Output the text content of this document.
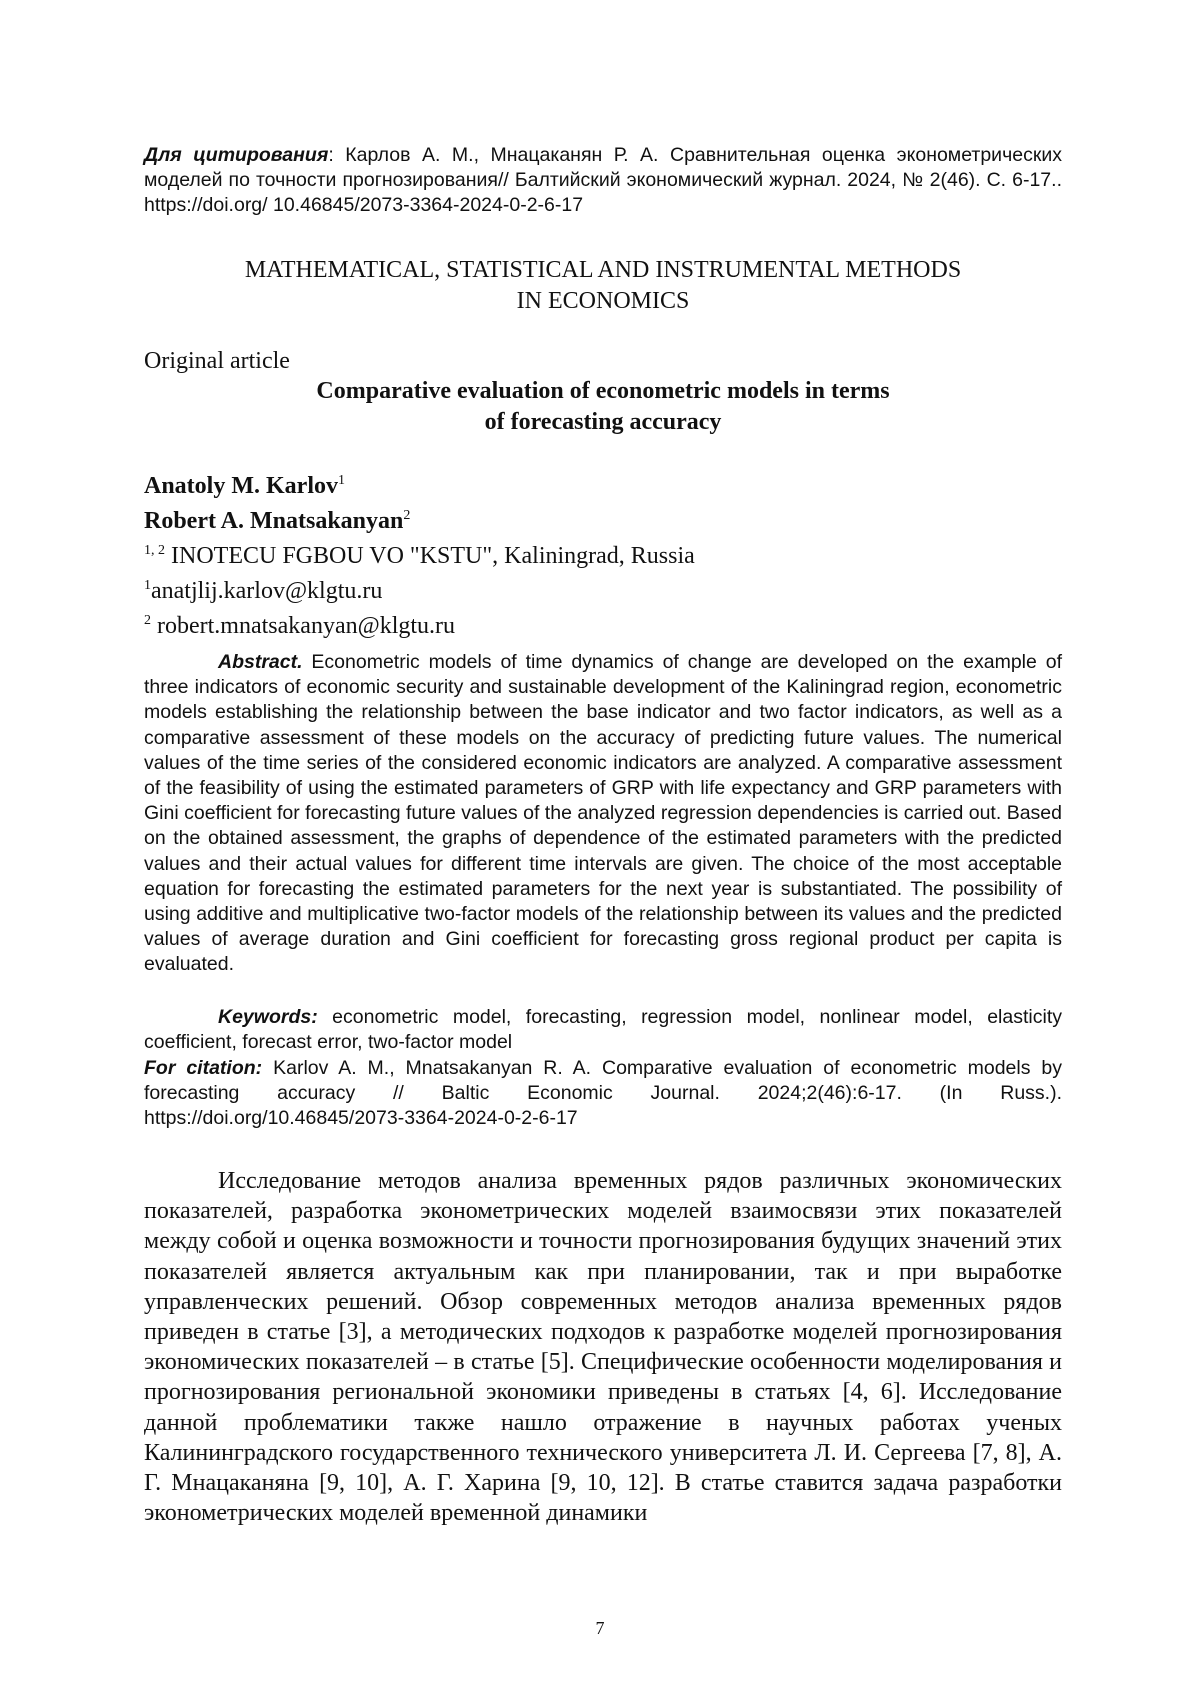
Для цитирования: Карлов А. М., Мнацаканян Р. А. Сравнительная оценка эконометрических моделей по точности прогнозирования// Балтийский экономический журнал. 2024, № 2(46). С. 6-17.. https://doi.org/ 10.46845/2073-3364-2024-0-2-6-17
MATHEMATICAL, STATISTICAL AND INSTRUMENTAL METHODS
IN ECONOMICS
Original article
Comparative evaluation of econometric models in terms
of forecasting accuracy
Anatoly M. Karlov$^1$
Robert A. Mnatsakanyan$^2$
$^{1, 2}$ INOTECU FGBOU VO "KSTU", Kaliningrad, Russia
$^1$anatjlij.karlov@klgtu.ru
$^2$ robert.mnatsakanyan@klgtu.ru
Abstract. Econometric models of time dynamics of change are developed on the example of three indicators of economic security and sustainable development of the Kaliningrad region, econometric models establishing the relationship between the base indicator and two factor indicators, as well as a comparative assessment of these models on the accuracy of predicting future values. The numerical values of the time series of the considered economic indicators are analyzed. A comparative assessment of the feasibility of using the estimated parameters of GRP with life expectancy and GRP parameters with Gini coefficient for forecasting future values of the analyzed regression dependencies is carried out. Based on the obtained assessment, the graphs of dependence of the estimated parameters with the predicted values and their actual values for different time intervals are given. The choice of the most acceptable equation for forecasting the estimated parameters for the next year is substantiated. The possibility of using additive and multiplicative two-factor models of the relationship between its values and the predicted values of average duration and Gini coefficient for forecasting gross regional product per capita is evaluated.
Keywords: econometric model, forecasting, regression model, nonlinear model, elasticity coefficient, forecast error, two-factor model
For citation: Karlov A. M., Mnatsakanyan R. A. Comparative evaluation of econometric models by forecasting accuracy // Baltic Economic Journal. 2024;2(46):6-17. (In Russ.). https://doi.org/10.46845/2073-3364-2024-0-2-6-17
Исследование методов анализа временных рядов различных экономических показателей, разработка эконометрических моделей взаимосвязи этих показателей между собой и оценка возможности и точности прогнозирования будущих значений этих показателей является актуальным как при планировании, так и при выработке управленческих решений. Обзор современных методов анализа временных рядов приведен в статье [3], а методических подходов к разработке моделей прогнозирования экономических показателей – в статье [5]. Специфические особенности моделирования и прогнозирования региональной экономики приведены в статьях [4, 6]. Исследование данной проблематики также нашло отражение в научных работах ученых Калининградского государственного технического университета Л. И. Сергеева [7, 8], А. Г. Мнацаканяна [9, 10], А. Г. Харина [9, 10, 12]. В статье ставится задача разработки эконометрических моделей временной динамики
7
